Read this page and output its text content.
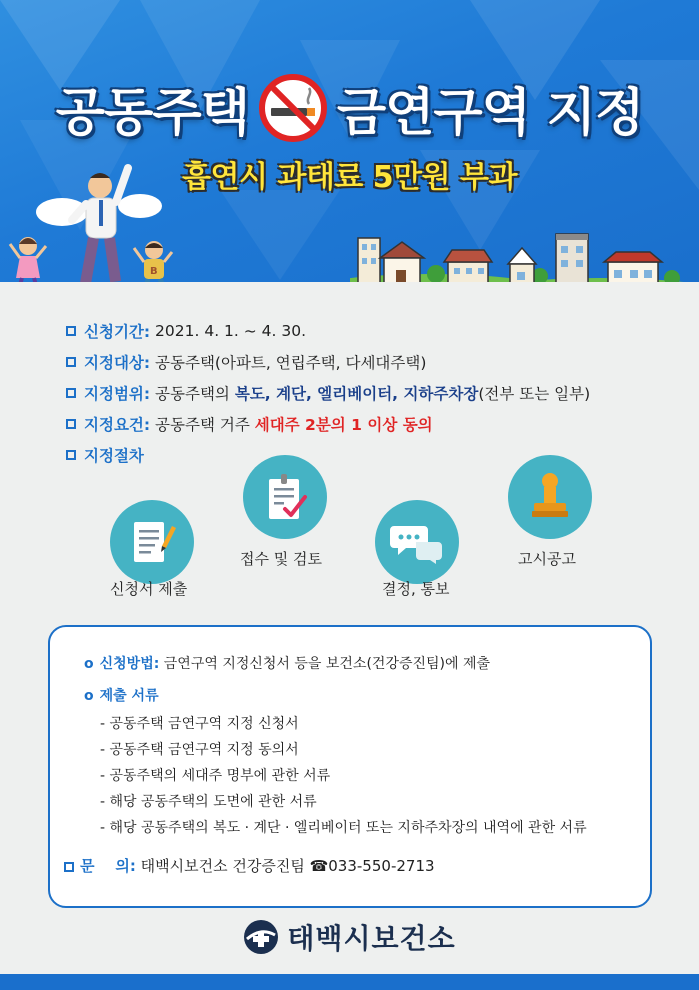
공동주택 금연구역 지정
흡연시 과태료 5만원 부과
B
신청기간:
2021. 4. 1. ~ 4. 30.
지정대상:
공동주택(아파트, 연립주택, 다세대주택)
지정범위:
공동주택의
복도, 계단, 엘리베이터, 지하주차장 (전부 또는 일부)
지정요건:
공동주택 거주
세대주 2분의 1 이상 동의
지정절차
신청서 제출
접수 및 검토
결정, 통보
고시공고
o 신청방법: 금연구역 지정신청서 등을 보건소(건강증진팀)에 제출
o 제출 서류
- 공동주택 금연구역 지정 신청서
- 공동주택 금연구역 지정 동의서
- 공동주택의 세대주 명부에 관한 서류
- 해당 공동주택의 도면에 관한 서류
- 해당 공동주택의 복도 · 계단 · 엘리베이터 또는 지하주차장의 내역에 관한 서류
문    의: 태백시보건소 건강증진팀 ☎033-550-2713
태백시보건소
